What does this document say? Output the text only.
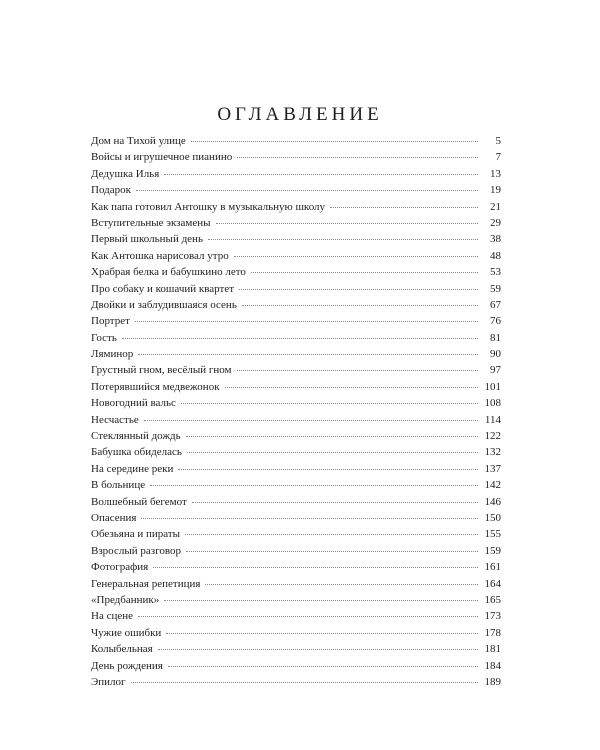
ОГЛАВЛЕНИЕ
Дом на Тихой улице	5
Войсы и игрушечное пианино	7
Дедушка Илья	13
Подарок	19
Как папа готовил Антошку в музыкальную школу	21
Вступительные экзамены	29
Первый школьный день	38
Как Антошка нарисовал утро	48
Храбрая белка и бабушкино лето	53
Про собаку и кошачий квартет	59
Двойки и заблудившаяся осень	67
Портрет	76
Гость	81
Ляминор	90
Грустный гном, весёлый гном	97
Потерявшийся медвежонок	101
Новогодний вальс	108
Несчастье	114
Стеклянный дождь	122
Бабушка обиделась	132
На середине реки	137
В больнице	142
Волшебный бегемот	146
Опасения	150
Обезьяна и пираты	155
Взрослый разговор	159
Фотография	161
Генеральная репетиция	164
«Предбанник»	165
На сцене	173
Чужие ошибки	178
Колыбельная	181
День рождения	184
Эпилог	189
